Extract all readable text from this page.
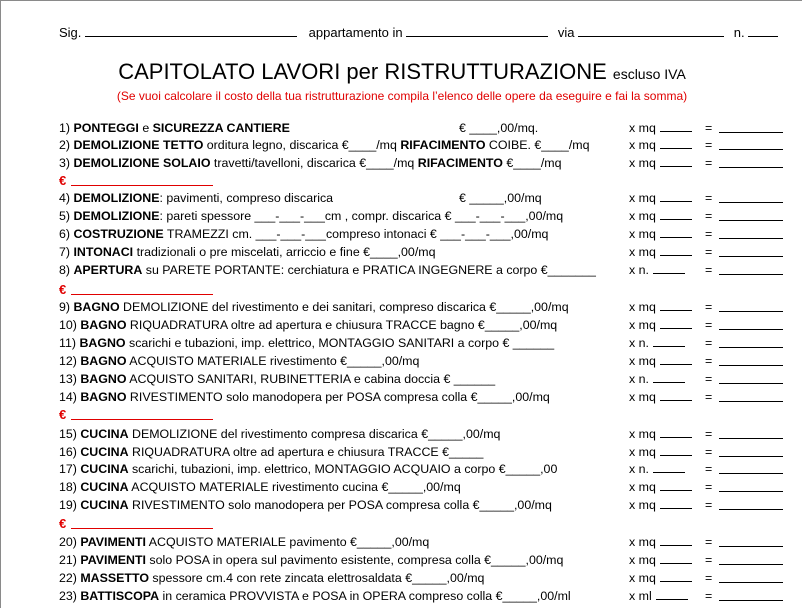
Sig.	appartamento in	via	n.
CAPITOLATO LAVORI per RISTRUTTURAZIONE escluso IVA
(Se vuoi calcolare il costo della tua ristrutturazione compila l’elenco delle opere da eseguire e fai la somma)
1) PONTEGGI e SICUREZZA CANTIERE	€ ____,00/mq.	x mq	=
2) DEMOLIZIONE TETTO orditura legno, discarica €____/mq RIFACIMENTO COIBE. €____/mq	x mq	=
3) DEMOLIZIONE SOLAIO travetti/tavelloni, discarica €____/mq RIFACIMENTO €____/mq	x mq	=
4) DEMOLIZIONE: pavimenti, compreso discarica	€ _____,00/mq	x mq	=
5) DEMOLIZIONE: pareti spessore ___-___-___cm , compr. discarica € ___-___-___,00/mq	x mq	=
6) COSTRUZIONE TRAMEZZI cm. ___-___-___compreso intonaci € ___-___-___,00/mq	x mq	=
7) INTONACI tradizionali o pre miscelati, arriccio e fine €____,00/mq	x mq	=
8) APERTURA su PARETE PORTANTE: cerchiatura e PRATICA INGEGNERE a corpo €_______	x n.	=
9) BAGNO DEMOLIZIONE del rivestimento e dei sanitari, compreso discarica €_____,00/mq	x mq	=
10) BAGNO RIQUADRATURA oltre ad apertura e chiusura TRACCE bagno €_____,00/mq	x mq	=
11) BAGNO scarichi e tubazioni, imp. elettrico, MONTAGGIO SANITARI a corpo € ______	x n.	=
12) BAGNO ACQUISTO MATERIALE rivestimento €_____,00/mq	x mq	=
13) BAGNO ACQUISTO SANITARI, RUBINETTERIA e cabina doccia € ______	x n.	=
14) BAGNO RIVESTIMENTO solo manodopera per POSA compresa colla €_____,00/mq	x mq	=
15) CUCINA DEMOLIZIONE del rivestimento compresa discarica €_____,00/mq	x mq	=
16) CUCINA RIQUADRATURA oltre ad apertura e chiusura TRACCE €_____	x mq	=
17) CUCINA scarichi, tubazioni, imp. elettrico, MONTAGGIO ACQUAIO a corpo €_____,00	x n.	=
18) CUCINA ACQUISTO MATERIALE rivestimento cucina €_____,00/mq	x mq	=
19) CUCINA RIVESTIMENTO solo manodopera per POSA compresa colla €_____,00/mq	x mq	=
20) PAVIMENTI ACQUISTO MATERIALE pavimento €_____,00/mq	x mq	=
21) PAVIMENTI solo POSA in opera sul pavimento esistente, compresa colla €_____,00/mq	x mq	=
22) MASSETTO spessore cm.4 con rete zincata elettrosaldata €_____,00/mq	x mq	=
23) BATTISCOPA in ceramica PROVVISTA e POSA in OPERA compreso colla €_____,00/ml	x ml	=
€
€
€
€
